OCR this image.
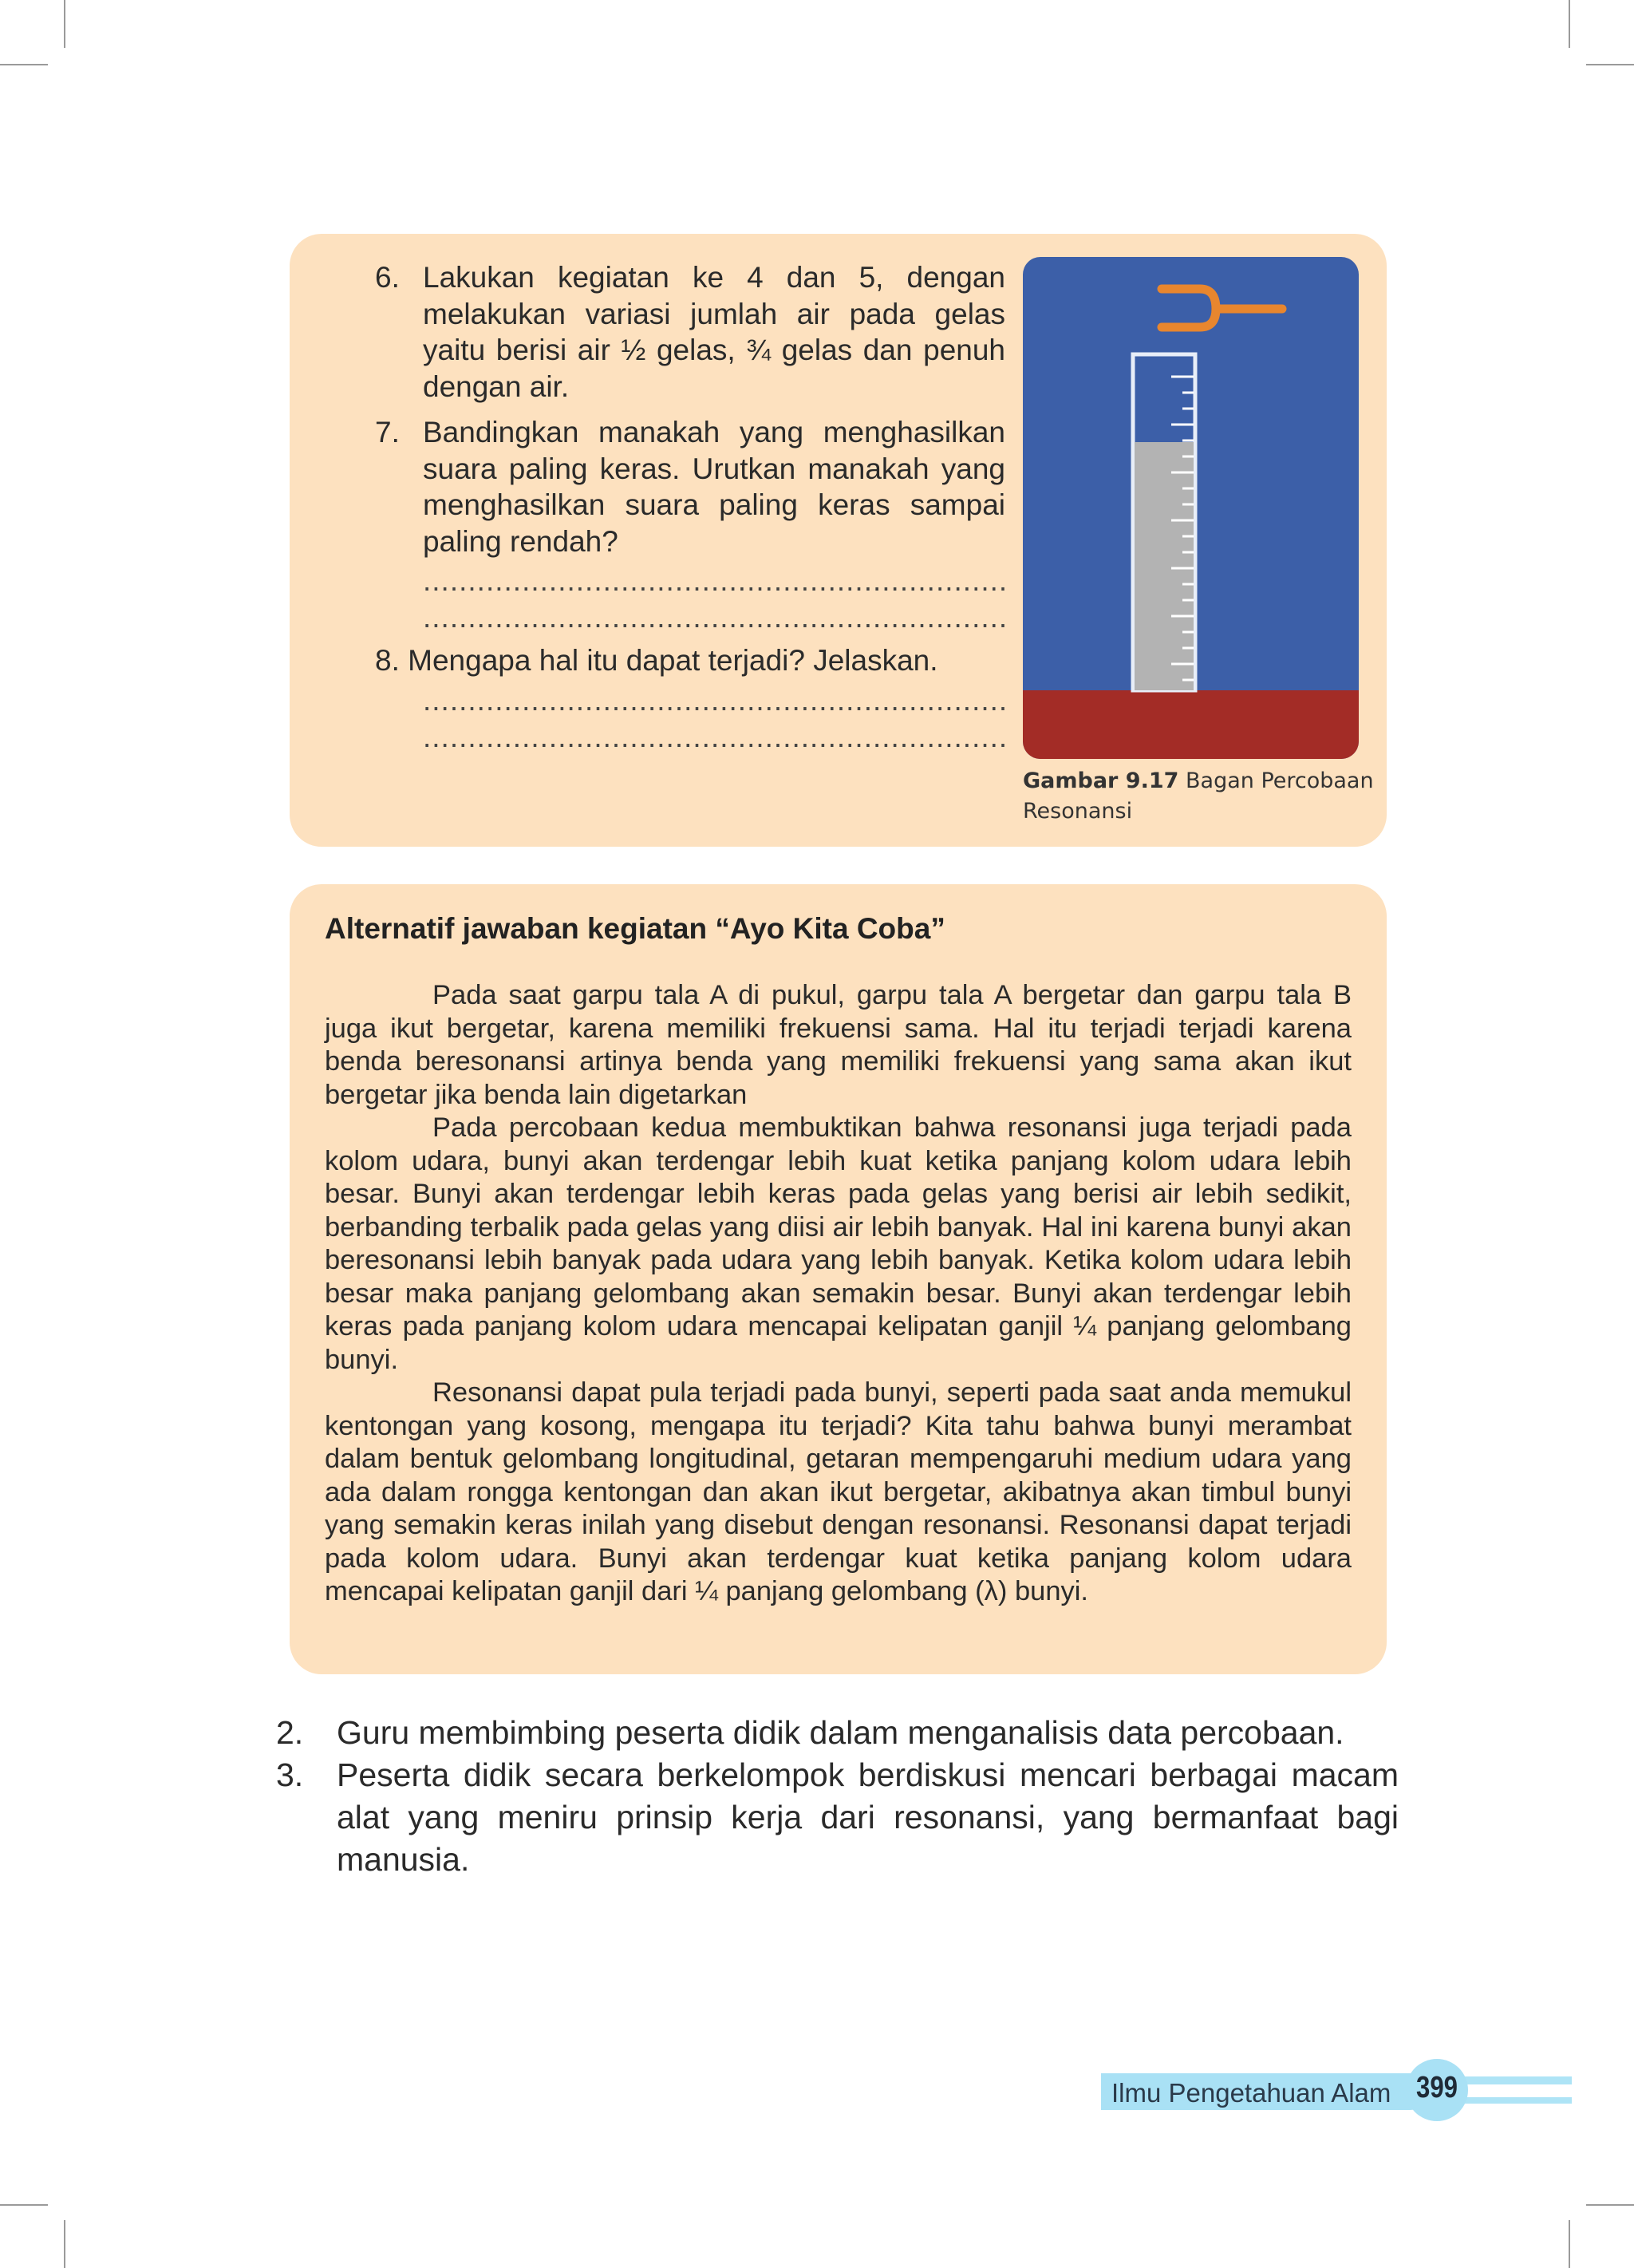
6. Lakukan kegiatan ke 4 dan 5, dengan melakukan variasi jumlah air pada gelas yaitu berisi air ½ gelas, ¾ gelas dan penuh dengan air.
7. Bandingkan manakah yang menghasilkan suara paling keras. Urutkan manakah yang menghasilkan suara paling keras sampai paling rendah?
.....
.....
8. Mengapa hal itu dapat terjadi? Jelaskan.
.....
.....
Gambar 9.17 Bagan Percobaan Resonansi
Alternatif jawaban kegiatan “Ayo Kita Coba”

Pada saat garpu tala A di pukul, garpu tala A bergetar dan garpu tala B juga ikut bergetar, karena memiliki frekuensi sama. Hal itu terjadi terjadi karena benda beresonansi artinya benda yang memiliki frekuensi yang sama akan ikut bergetar jika benda lain digetarkan

Pada percobaan kedua membuktikan bahwa resonansi juga terjadi pada kolom udara, bunyi akan terdengar lebih kuat ketika panjang kolom udara lebih besar. Bunyi akan terdengar lebih keras pada gelas yang berisi air lebih sedikit, berbanding terbalik pada gelas yang diisi air lebih banyak. Hal ini karena bunyi akan beresonansi lebih banyak pada udara yang lebih banyak. Ketika kolom udara lebih besar maka panjang gelombang akan semakin besar. Bunyi akan terdengar lebih keras pada panjang kolom udara mencapai kelipatan ganjil ¼ panjang gelombang bunyi.

Resonansi dapat pula terjadi pada bunyi, seperti pada saat anda memukul kentongan yang kosong, mengapa itu terjadi? Kita tahu bahwa bunyi merambat dalam bentuk gelombang longitudinal, getaran mempengaruhi medium udara yang ada dalam rongga kentongan dan akan ikut bergetar, akibatnya akan timbul bunyi yang semakin keras inilah yang disebut dengan resonansi. Resonansi dapat terjadi pada kolom udara. Bunyi akan terdengar kuat ketika panjang kolom udara mencapai kelipatan ganjil dari ¼ panjang gelombang (λ) bunyi.

2. Guru membimbing peserta didik dalam menganalisis data percobaan.
3. Peserta didik secara berkelompok berdiskusi mencari berbagai macam alat yang meniru prinsip kerja dari resonansi, yang bermanfaat bagi manusia.
Ilmu Pengetahuan Alam 399
